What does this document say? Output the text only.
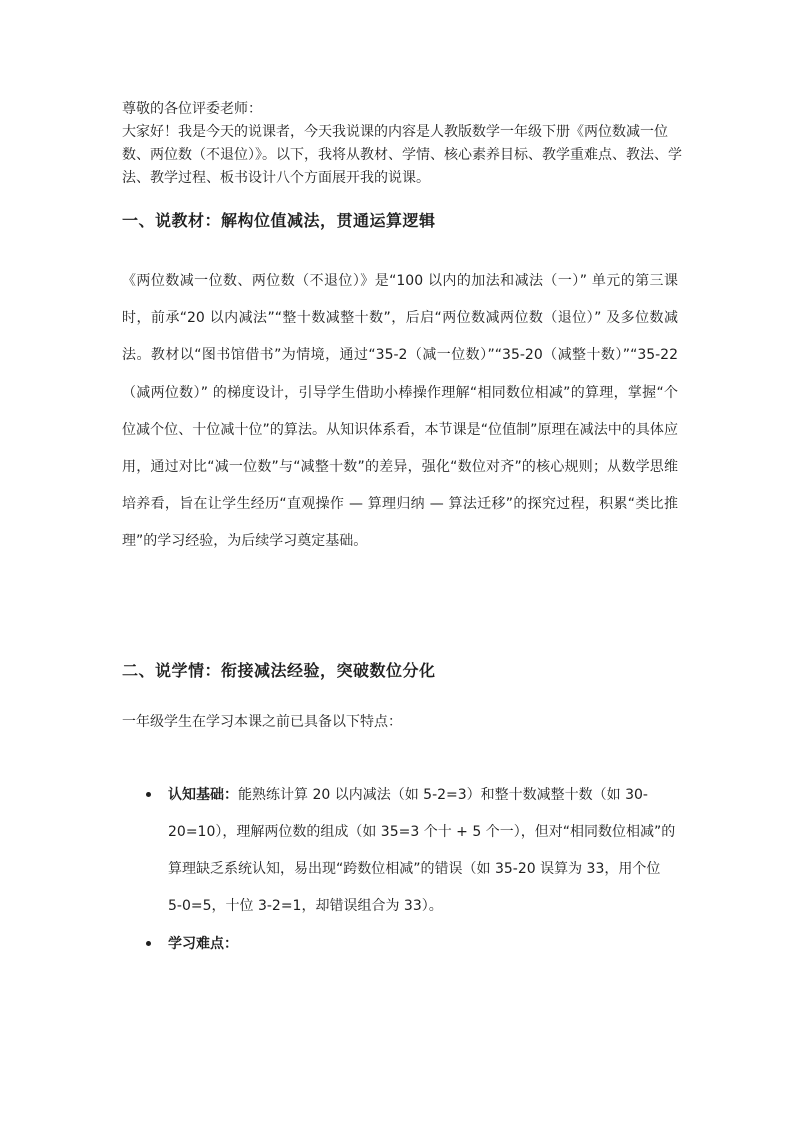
尊敬的各位评委老师：

大家好！我是今天的说课者，今天我说课的内容是人教版数学一年级下册《两位数减一位数、两位数（不退位）》。以下，我将从教材、学情、核心素养目标、教学重难点、教法、学法、教学过程、板书设计八个方面展开我的说课。

一、说教材：解构位值减法，贯通运算逻辑

《两位数减一位数、两位数（不退位）》是“100 以内的加法和减法（一）” 单元的第三课时，前承“20 以内减法”“整十数减整十数”，后启“两位数减两位数（退位）” 及多位数减法。教材以“图书馆借书”为情境，通过“35-2（减一位数）”“35-20（减整十数）”“35-22（减两位数）” 的梯度设计，引导学生借助小棒操作理解“相同数位相减”的算理，掌握“个位减个位、十位减十位”的算法。从知识体系看，本节课是“位值制”原理在减法中的具体应用，通过对比“减一位数”与“减整十数”的差异，强化“数位对齐”的核心规则；从数学思维培养看，旨在让学生经历“直观操作 — 算理归纳 — 算法迁移”的探究过程，积累“类比推理”的学习经验，为后续学习奠定基础。

二、说学情：衔接减法经验，突破数位分化

一年级学生在学习本课之前已具备以下特点：

认知基础：能熟练计算 20 以内减法（如 5-2=3）和整十数减整十数（如 30-20=10），理解两位数的组成（如 35=3 个十 + 5 个一），但对“相同数位相减”的算理缺乏系统认知，易出现“跨数位相减”的错误（如 35-20 误算为 33，用个位 5-0=5，十位 3-2=1，却错误组合为 33）。
学习难点：
